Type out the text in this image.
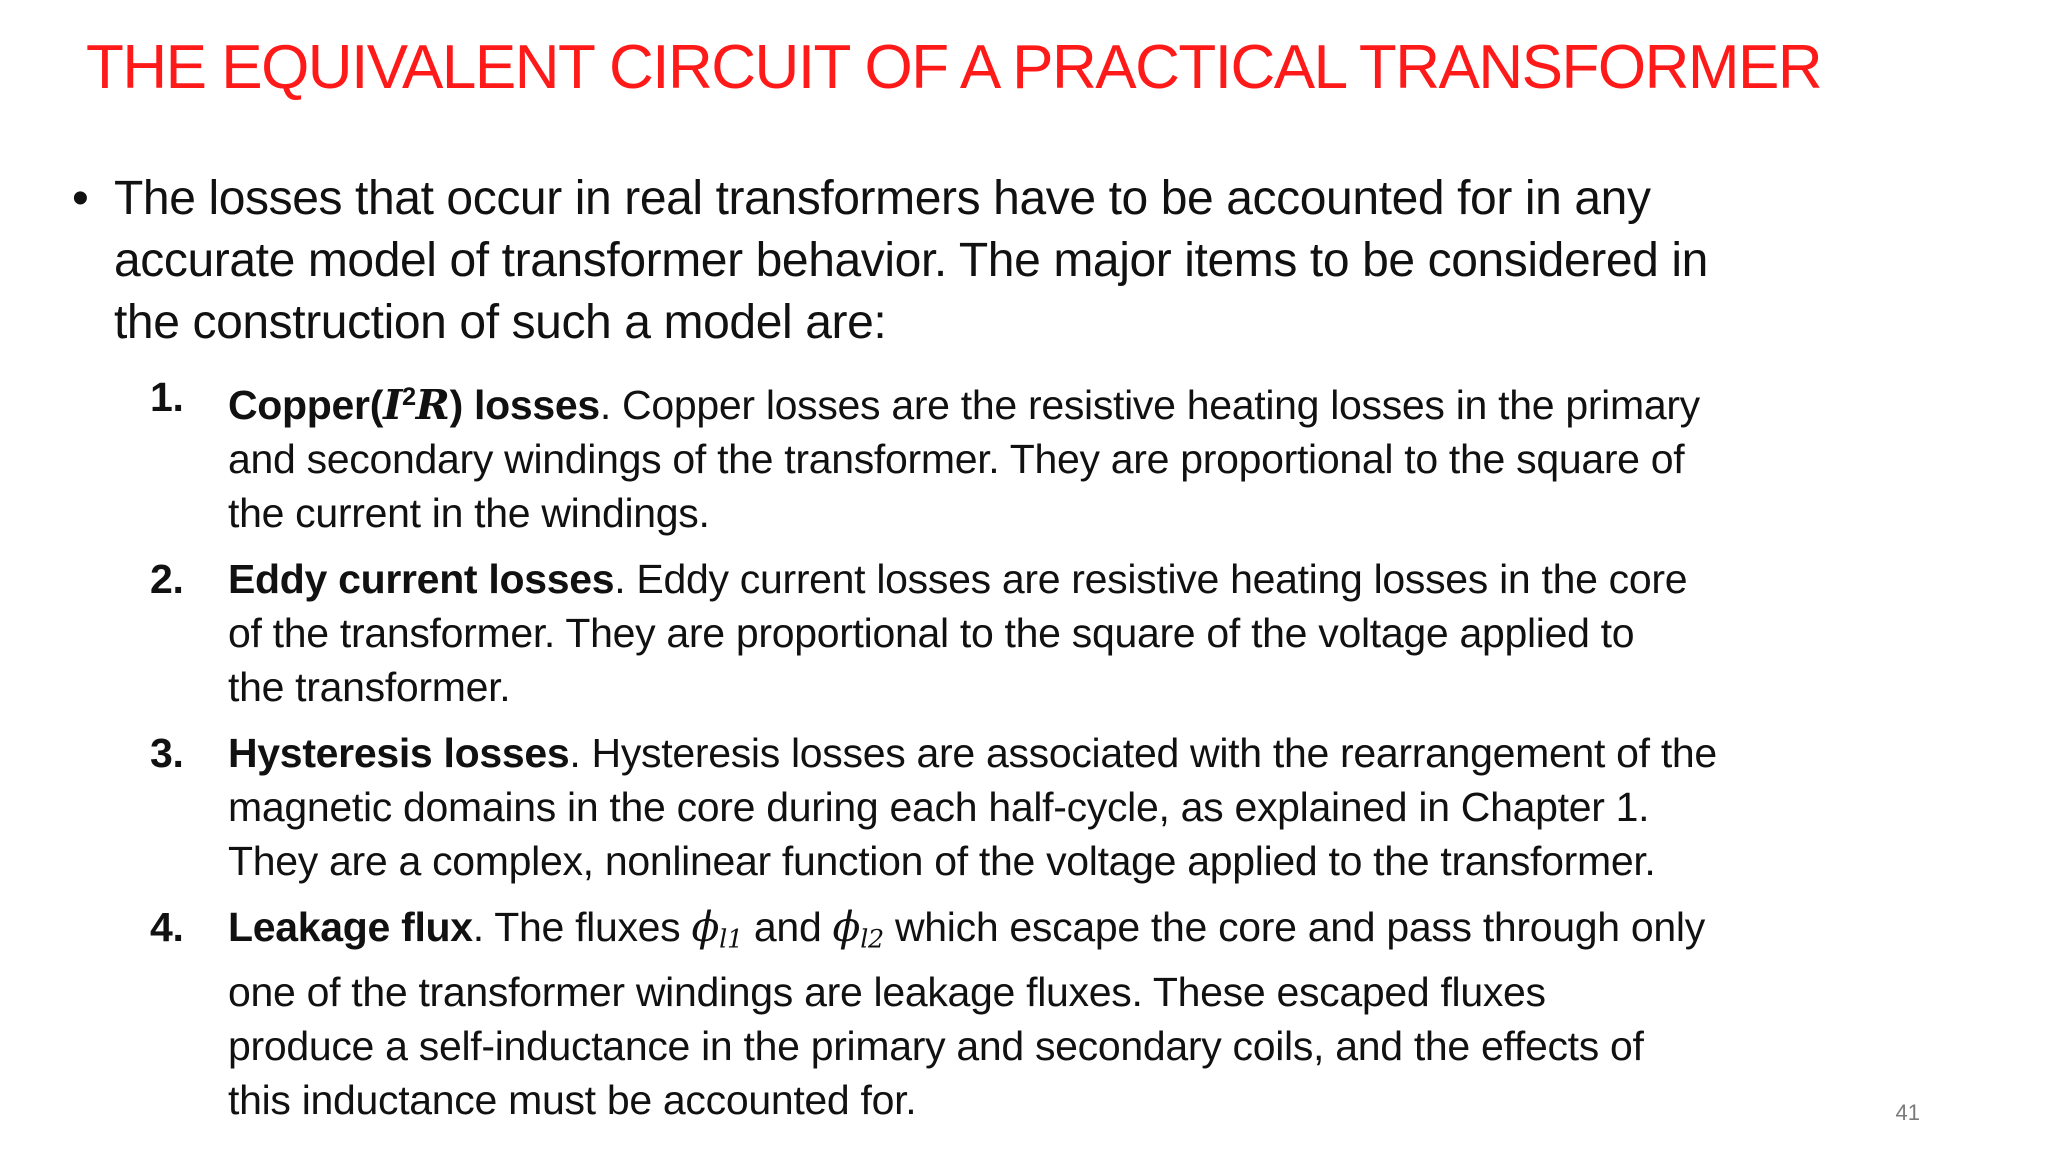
THE EQUIVALENT CIRCUIT OF A PRACTICAL TRANSFORMER
• The losses that occur in real transformers have to be accounted for in any
accurate model of transformer behavior. The major items to be considered in
the construction of such a model are:
1. $Copper(I^2R)$ losses. Copper losses are the resistive heating losses in the primary
and secondary windings of the transformer. They are proportional to the square of
the current in the windings.
2. Eddy current losses. Eddy current losses are resistive heating losses in the core
of the transformer. They are proportional to the square of the voltage applied to
the transformer.
3. Hysteresis losses. Hysteresis losses are associated with the rearrangement of the
magnetic domains in the core during each half-cycle, as explained in Chapter 1.
They are a complex, nonlinear function of the voltage applied to the transformer.
4. Leakage flux. The fluxes $\phi_{l1}$ and $\phi_{l2}$ which escape the core and pass through only
one of the transformer windings are leakage fluxes. These escaped fluxes
produce a self-inductance in the primary and secondary coils, and the effects of
this inductance must be accounted for.	41
